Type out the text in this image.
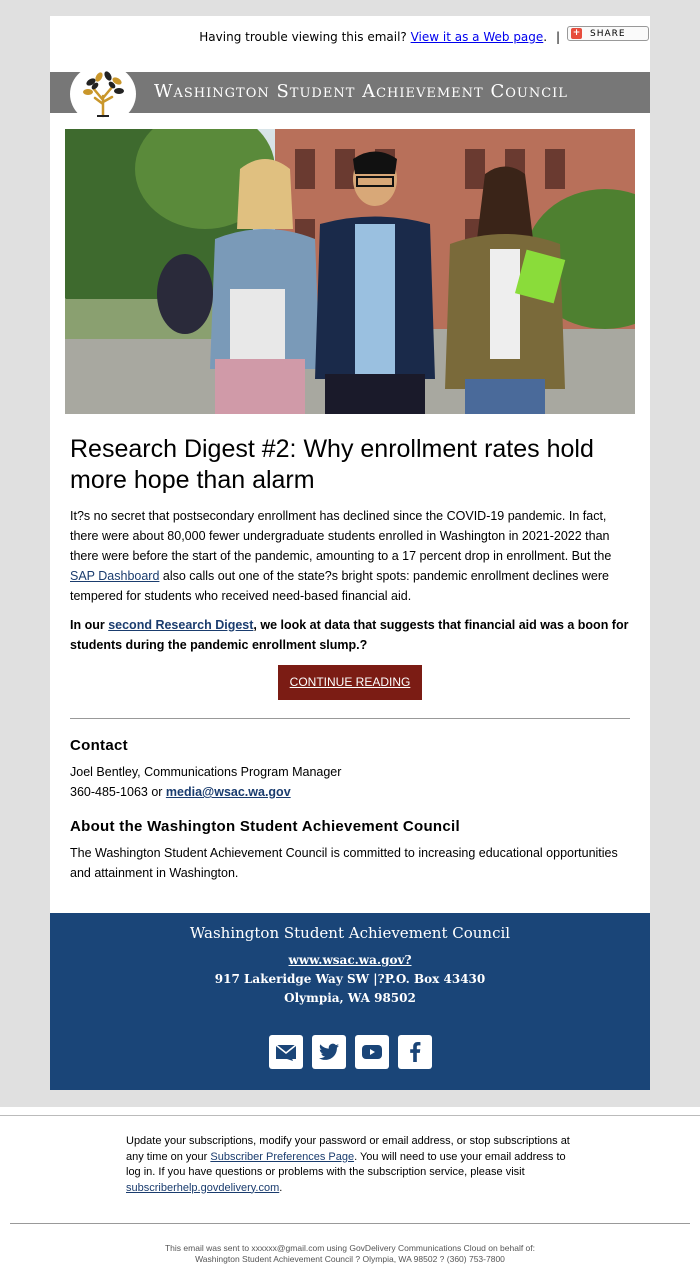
Having trouble viewing this email? View it as a Web page. | + SHARE
Washington Student Achievement Council
Research Digest #2: Why enrollment rates hold more hope than alarm

It?s no secret that postsecondary enrollment has declined since the COVID-19 pandemic. In fact, there were about 80,000 fewer undergraduate students enrolled in Washington in 2021-2022 than there were before the start of the pandemic, amounting to a 17 percent drop in enrollment. But the SAP Dashboard also calls out one of the state?s bright spots: pandemic enrollment declines were tempered for students who received need-based financial aid.

In our second Research Digest, we look at data that suggests that financial aid was a boon for students during the pandemic enrollment slump.?

CONTINUE READING
Contact

Joel Bentley, Communications Program Manager

360-485-1063 or media@wsac.wa.gov

About the Washington Student Achievement Council

The Washington Student Achievement Council is committed to increasing educational opportunities and attainment in Washington.

Washington Student Achievement Council
www.wsac.wa.gov?
917 Lakeridge Way SW |?P.O. Box 43430
Olympia, WA 98502

Update your subscriptions, modify your password or email address, or stop subscriptions at any time on your Subscriber Preferences Page. You will need to use your email address to log in. If you have questions or problems with the subscription service, please visit subscriberhelp.govdelivery.com.

This email was sent to xxxxxx@gmail.com using GovDelivery Communications Cloud on behalf of:
Washington Student Achievement Council ? Olympia, WA 98502 ? (360) 753-7800
